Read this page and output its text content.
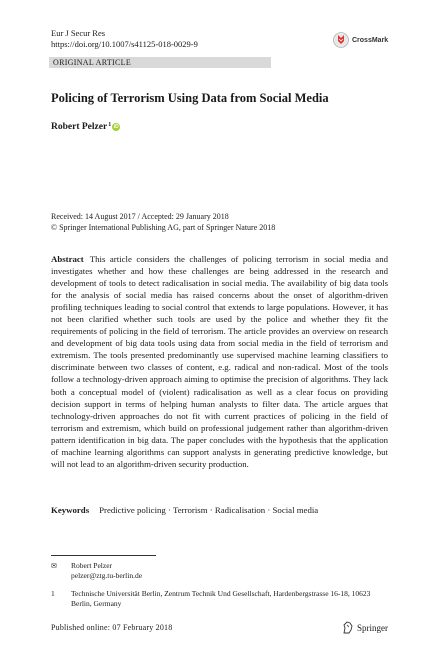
Eur J Secur Res
https://doi.org/10.1007/s41125-018-0029-9	CrossMark
ORIGINAL ARTICLE
Policing of Terrorism Using Data from Social Media
Robert Pelzer$^1$ iD
Received: 14 August 2017 / Accepted: 29 January 2018
© Springer International Publishing AG, part of Springer Nature 2018
Abstract This article considers the challenges of policing terrorism in social media and investigates whether and how these challenges are being addressed in the research and development of tools to detect radicalisation in social media. The availability of big data tools for the analysis of social media has raised concerns about the onset of algorithm-driven profiling techniques leading to social control that extends to large populations. However, it has not been clarified whether such tools are used by the police and whether they fit the requirements of policing in the field of terrorism. The article provides an overview on research and development of big data tools using data from social media in the field of terrorism and extremism. The tools presented predominantly use supervised machine learning classifiers to discriminate between two classes of content, e.g. radical and non-radical. Most of the tools follow a technology-driven approach aiming to optimise the precision of algorithms. They lack both a conceptual model of (violent) radicalisation as well as a clear focus on providing decision support in terms of helping human analysts to filter data. The article argues that technology-driven approaches do not fit with current practices of policing in the field of terrorism and extremism, which build on professional judgement rather than algorithm-driven pattern identification in big data. The paper concludes with the hypothesis that the application of machine learning algorithms can support analysts in generating predictive knowledge, but will not lead to an algorithm-driven security production.
Keywords Predictive policing · Terrorism · Radicalisation · Social media
✉ Robert Pelzer
pelzer@ztg.tu-berlin.de
1 Technische Universität Berlin, Zentrum Technik Und Gesellschaft, Hardenbergstrasse 16-18, 10623 Berlin, Germany
Published online: 07 February 2018	Springer
